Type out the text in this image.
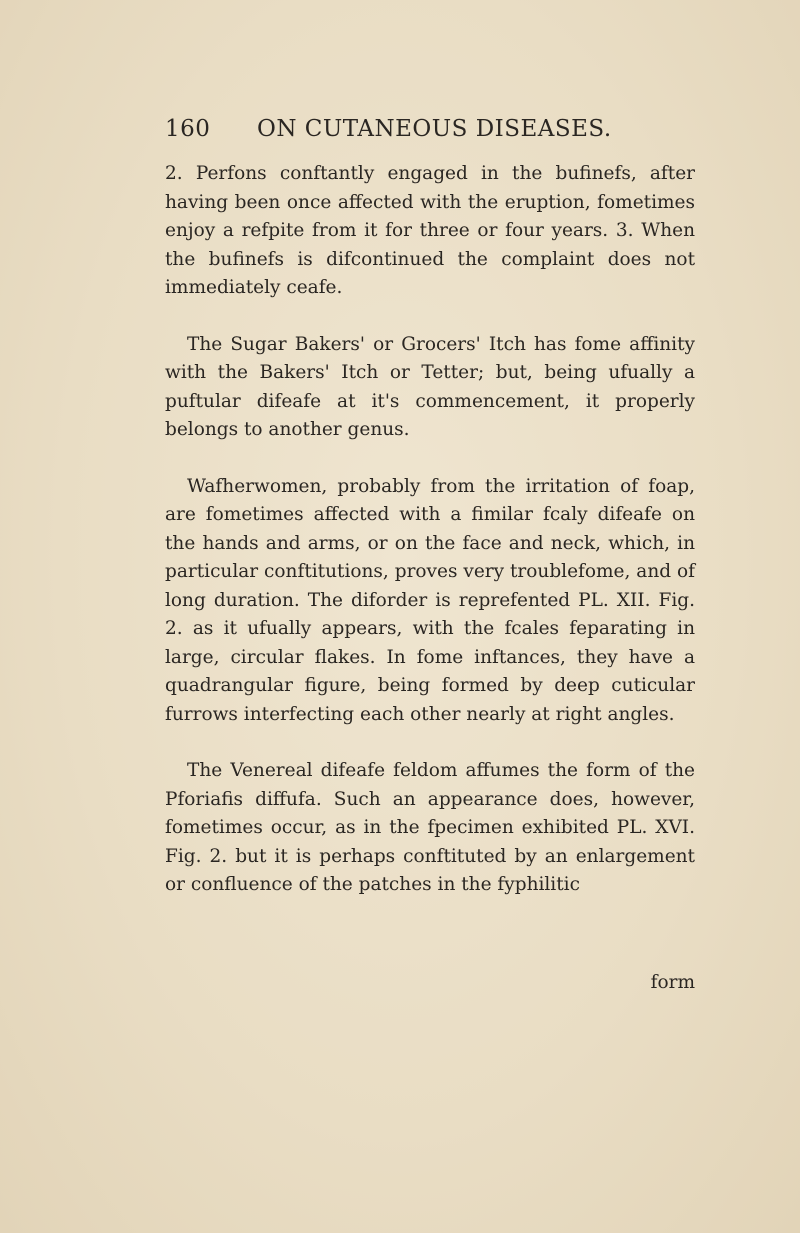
160 ON CUTANEOUS DISEASES.

2. Perfons conftantly engaged in the bufinefs, after having been once affected with the eruption, fometimes enjoy a refpite from it for three or four years. 3. When the bufinefs is difcontinued the complaint does not immediately ceafe.

The Sugar Bakers' or Grocers' Itch has fome affinity with the Bakers' Itch or Tetter; but, being ufually a puftular difeafe at it's commencement, it properly belongs to another genus.

Wafherwomen, probably from the irritation of foap, are fometimes affected with a fimilar fcaly difeafe on the hands and arms, or on the face and neck, which, in particular conftitutions, proves very troublefome, and of long duration. The diforder is reprefented PL. XII. Fig. 2. as it ufually appears, with the fcales feparating in large, circular flakes. In fome inftances, they have a quadrangular figure, being formed by deep cuticular furrows interfecting each other nearly at right angles.

The Venereal difeafe feldom affumes the form of the Pforiafis diffufa. Such an appearance does, however, fometimes occur, as in the fpecimen exhibited PL. XVI. Fig. 2. but it is perhaps conftituted by an enlargement or confluence of the patches in the fyphilitic

form
